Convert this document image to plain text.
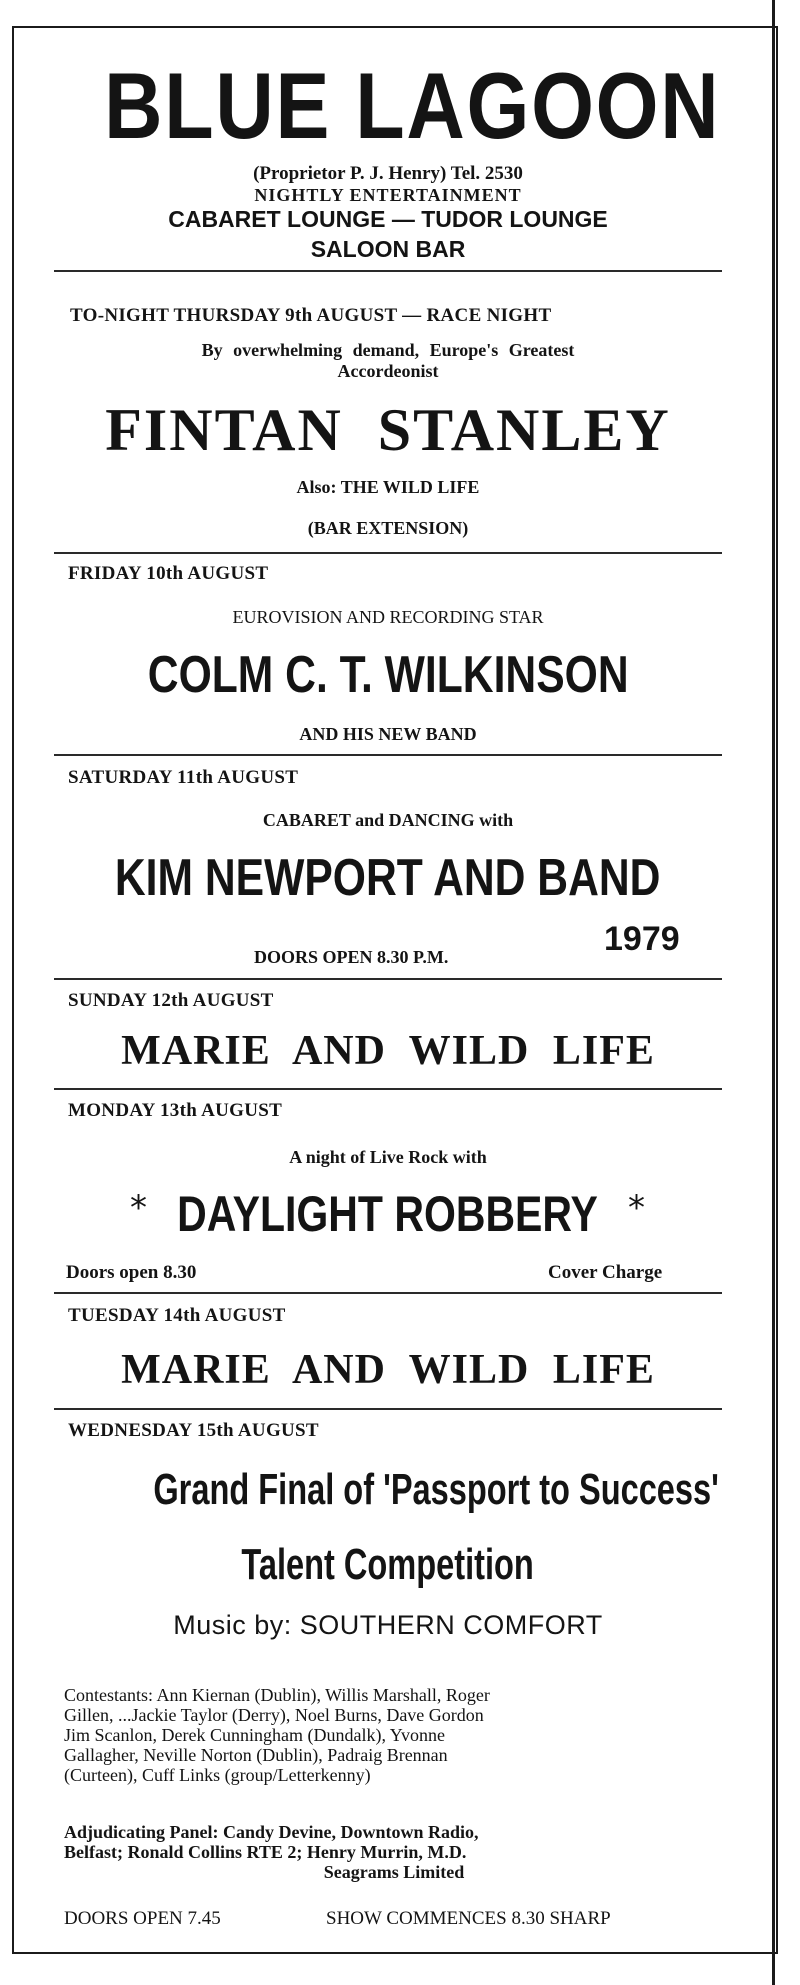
BLUE LAGOON
(Proprietor P. J. Henry) Tel. 2530
NIGHTLY ENTERTAINMENT
CABARET LOUNGE — TUDOR LOUNGE
SALOON BAR
TO-NIGHT THURSDAY 9th AUGUST — RACE NIGHT
By overwhelming demand, Europe's Greatest
Accordeonist
FINTAN STANLEY
Also: THE WILD LIFE
(BAR EXTENSION)
FRIDAY 10th AUGUST
EUROVISION AND RECORDING STAR
COLM C. T. WILKINSON
AND HIS NEW BAND
SATURDAY 11th AUGUST
CABARET and DANCING with
KIM NEWPORT AND BAND
DOORS OPEN 8.30 P.M.	1979
SUNDAY 12th AUGUST
MARIE AND WILD LIFE
MONDAY 13th AUGUST
A night of Live Rock with
* DAYLIGHT ROBBERY *
Doors open 8.30	Cover Charge
TUESDAY 14th AUGUST
MARIE AND WILD LIFE
WEDNESDAY 15th AUGUST
Grand Final of 'Passport to Success'
Talent Competition
Music by: SOUTHERN COMFORT
Contestants: Ann Kiernan (Dublin), Willis Marshall, Roger
Gillen, ...Jackie Taylor (Derry), Noel Burns, Dave Gordon
Jim Scanlon, Derek Cunningham (Dundalk), Yvonne
Gallagher, Neville Norton (Dublin), Padraig Brennan
(Curteen), Cuff Links (group/Letterkenny)
Adjudicating Panel: Candy Devine, Downtown Radio,
Belfast; Ronald Collins RTE 2; Henry Murrin, M.D.
Seagrams Limited
DOORS OPEN 7.45	SHOW COMMENCES 8.30 SHARP
